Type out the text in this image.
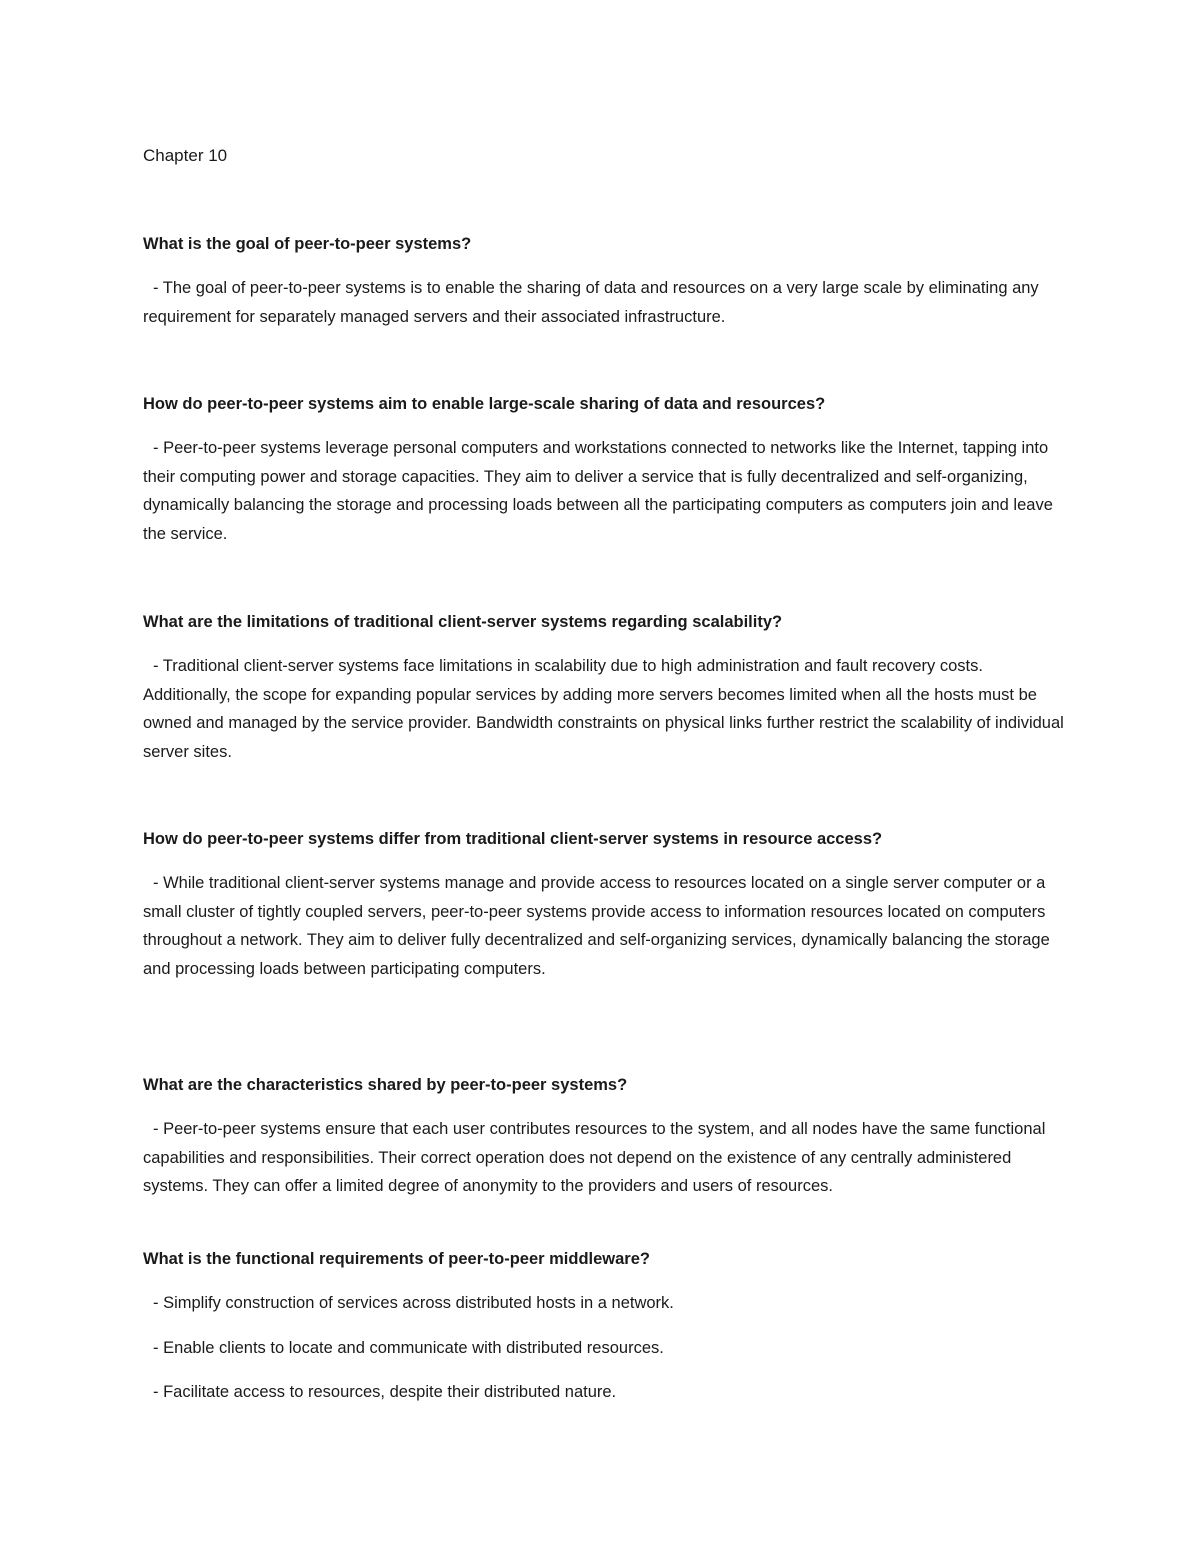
Chapter 10

What is the goal of peer-to-peer systems?

- The goal of peer-to-peer systems is to enable the sharing of data and resources on a very large scale by eliminating any requirement for separately managed servers and their associated infrastructure.

How do peer-to-peer systems aim to enable large-scale sharing of data and resources?

- Peer-to-peer systems leverage personal computers and workstations connected to networks like the Internet, tapping into their computing power and storage capacities. They aim to deliver a service that is fully decentralized and self-organizing, dynamically balancing the storage and processing loads between all the participating computers as computers join and leave the service.

What are the limitations of traditional client-server systems regarding scalability?

- Traditional client-server systems face limitations in scalability due to high administration and fault recovery costs. Additionally, the scope for expanding popular services by adding more servers becomes limited when all the hosts must be owned and managed by the service provider. Bandwidth constraints on physical links further restrict the scalability of individual server sites.

How do peer-to-peer systems differ from traditional client-server systems in resource access?

- While traditional client-server systems manage and provide access to resources located on a single server computer or a small cluster of tightly coupled servers, peer-to-peer systems provide access to information resources located on computers throughout a network. They aim to deliver fully decentralized and self-organizing services, dynamically balancing the storage and processing loads between participating computers.

What are the characteristics shared by peer-to-peer systems?

- Peer-to-peer systems ensure that each user contributes resources to the system, and all nodes have the same functional capabilities and responsibilities. Their correct operation does not depend on the existence of any centrally administered systems. They can offer a limited degree of anonymity to the providers and users of resources.

What is the functional requirements of peer-to-peer middleware?

- Simplify construction of services across distributed hosts in a network.

- Enable clients to locate and communicate with distributed resources.

- Facilitate access to resources, despite their distributed nature.
